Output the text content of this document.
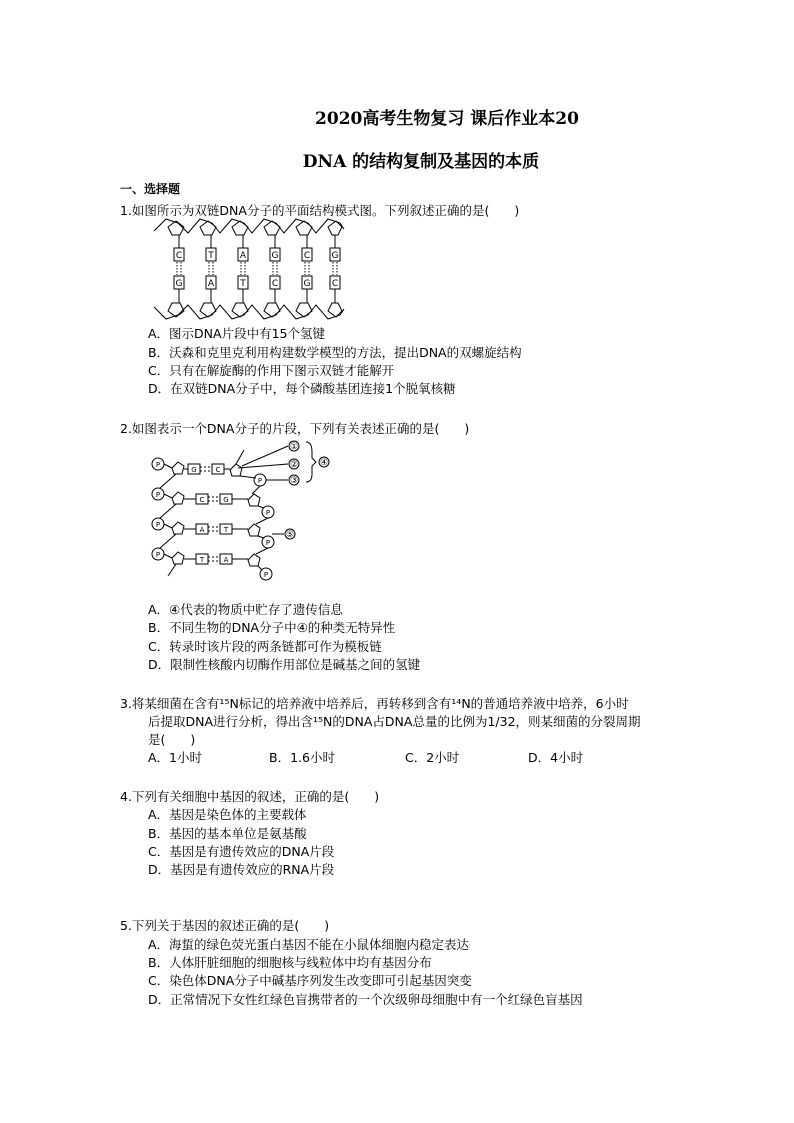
2020高考生物复习 课后作业本20
DNA 的结构复制及基因的本质
一、选择题
1.如图所示为双链DNA分子的平面结构模式图。下列叙述正确的是(　　)
C	T	A	G	C G
G	A	T	C	G C
A．图示DNA片段中有15个氢键
B．沃森和克里克利用构建数学模型的方法，提出DNA的双螺旋结构
C．只有在解旋酶的作用下图示双链才能解开
D．在双链DNA分子中，每个磷酸基团连接1个脱氧核糖
2.如图表示一个DNA分子的片段，下列有关表述正确的是(　　)
P
P
P
P
P
P
P
P
G	C
C	G
A	T
T	A
①
②
③
④
⑤
A．④代表的物质中贮存了遗传信息
B．不同生物的DNA分子中④的种类无特异性
C．转录时该片段的两条链都可作为模板链
D．限制性核酸内切酶作用部位是碱基之间的氢键
3.将某细菌在含有¹⁵N标记的培养液中培养后，再转移到含有¹⁴N的普通培养液中培养，6小时
后提取DNA进行分析，得出含¹⁵N的DNA占DNA总量的比例为1/32，则某细菌的分裂周期
是(　　)
A．1小时	B．1.6小时	C．2小时	D．4小时
4.下列有关细胞中基因的叙述，正确的是(　　)
A．基因是染色体的主要载体
B．基因的基本单位是氨基酸
C．基因是有遗传效应的DNA片段
D．基因是有遗传效应的RNA片段
5.下列关于基因的叙述正确的是(　　)
A．海蜇的绿色荧光蛋白基因不能在小鼠体细胞内稳定表达
B．人体肝脏细胞的细胞核与线粒体中均有基因分布
C．染色体DNA分子中碱基序列发生改变即可引起基因突变
D．正常情况下女性红绿色盲携带者的一个次级卵母细胞中有一个红绿色盲基因
